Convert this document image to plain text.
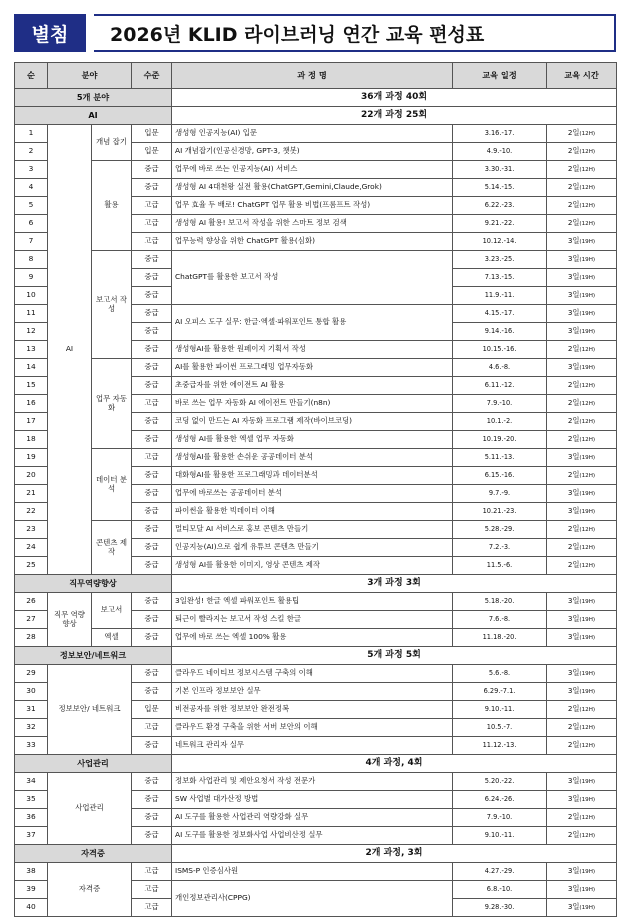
별첨	2026년 KLID 라이브러닝 연간 교육 편성표
순	분야		수준	과 정 명	교육 일정	교육 시간

5개 분야				36개 과정 40회		
AI				22개 과정 25회		
1	AI	개념 잡기	입문	생성형 인공지능(AI) 입문	3.16.-17.	2일(12H)
2			입문	AI 개념잡기(인공신경망, GPT-3, 챗봇)	4.9.-10.	2일(12H)
3		활용	중급	업무에 바로 쓰는 인공지능(AI) 서비스	3.30.-31.	2일(12H)
4			중급	생성형 AI 4대천왕 실전 활용(ChatGPT,Gemini,Claude,Grok)	5.14.-15.	2일(12H)
5			고급	업무 효율 두 배로! ChatGPT 업무 활용 비법(프롬프트 작성)	6.22.-23.	2일(12H)
6			고급	생성형 AI 활용! 보고서 작성을 위한 스마트 정보 검색	9.21.-22.	2일(12H)
7			고급	업무능력 향상을 위한 ChatGPT 활용(심화)	10.12.-14.	3일(19H)
8		보고서 작성	중급	ChatGPT를 활용한 보고서 작성	3.23.-25.	3일(19H)
9			중급		7.13.-15.	3일(19H)
10			중급		11.9.-11.	3일(19H)
11			중급	AI 오피스 도구 실무: 한글·엑셀·파워포인트 통합 활용	4.15.-17.	3일(19H)
12			중급		9.14.-16.	3일(19H)
13			중급	생성형AI를 활용한 원페이지 기획서 작성	10.15.-16.	2일(12H)
14		업무 자동화	중급	AI를 활용한 파이썬 프로그래밍 업무자동화	4.6.-8.	3일(19H)
15			중급	초중급자를 위한 에이전트 AI 활용	6.11.-12.	2일(12H)
16			고급	바로 쓰는 업무 자동화 AI 에이전트 만들기(n8n)	7.9.-10.	2일(12H)
17			중급	코딩 없이 만드는 AI 자동화 프로그램 제작(바이브코딩)	10.1.-2.	2일(12H)
18			중급	생성형 AI를 활용한 엑셀 업무 자동화	10.19.-20.	2일(12H)
19		데이터 분석	고급	생성형AI를 활용한 손쉬운 공공데이터 분석	5.11.-13.	3일(19H)
20			중급	대화형AI를 활용한 프로그래밍과 데이터분석	6.15.-16.	2일(12H)
21			중급	업무에 바로쓰는 공공데이터 분석	9.7.-9.	3일(19H)
22			중급	파이썬을 활용한 빅데이터 이해	10.21.-23.	3일(19H)
23		콘텐츠 제작	중급	멀티모달 AI 서비스로 홍보 콘텐츠 만들기	5.28.-29.	2일(12H)
24			중급	인공지능(AI)으로 쉽게 유튜브 콘텐츠 만들기	7.2.-3.	2일(12H)
25			중급	생성형 AI를 활용한 이미지, 영상 콘텐츠 제작	11.5.-6.	2일(12H)
직무역량향상				3개 과정 3회		
26	직무 역량 향상	보고서	중급	3일완성! 한글 엑셀 파워포인트 활용팁	5.18.-20.	3일(19H)
27			중급	퇴근이 빨라지는 보고서 작성 스킬 한글	7.6.-8.	3일(19H)
28		엑셀	중급	업무에 바로 쓰는 엑셀 100% 활용	11.18.-20.	3일(19H)
정보보안/네트워크				5개 과정 5회		
29	정보보안/ 네트워크		중급	클라우드 네이티브 정보시스템 구축의 이해	5.6.-8.	3일(19H)
30			중급	기본 인프라 정보보안 실무	6.29.-7.1.	3일(19H)
31			입문	비전공자를 위한 정보보안 완전정복	9.10.-11.	2일(12H)
32			고급	클라우드 환경 구축을 위한 서버 보안의 이해	10.5.-7.	2일(12H)
33			중급	네트워크 관리자 실무	11.12.-13.	2일(12H)
사업관리				4개 과정, 4회		
34	사업관리		중급	정보화 사업관리 및 제안요청서 작성 전문가	5.20.-22.	3일(19H)
35			중급	SW 사업별 대가산정 방법	6.24.-26.	3일(19H)
36			중급	AI 도구를 활용한 사업관리 역량강화 실무	7.9.-10.	2일(12H)
37			중급	AI 도구를 활용한 정보화사업 사업비산정 실무	9.10.-11.	2일(12H)
자격증				2개 과정, 3회		
38	자격증		고급	ISMS-P 인증심사원	4.27.-29.	3일(19H)
39			고급	개인정보관리사(CPPG)	6.8.-10.	3일(19H)
40			고급		9.28.-30.	3일(19H)
